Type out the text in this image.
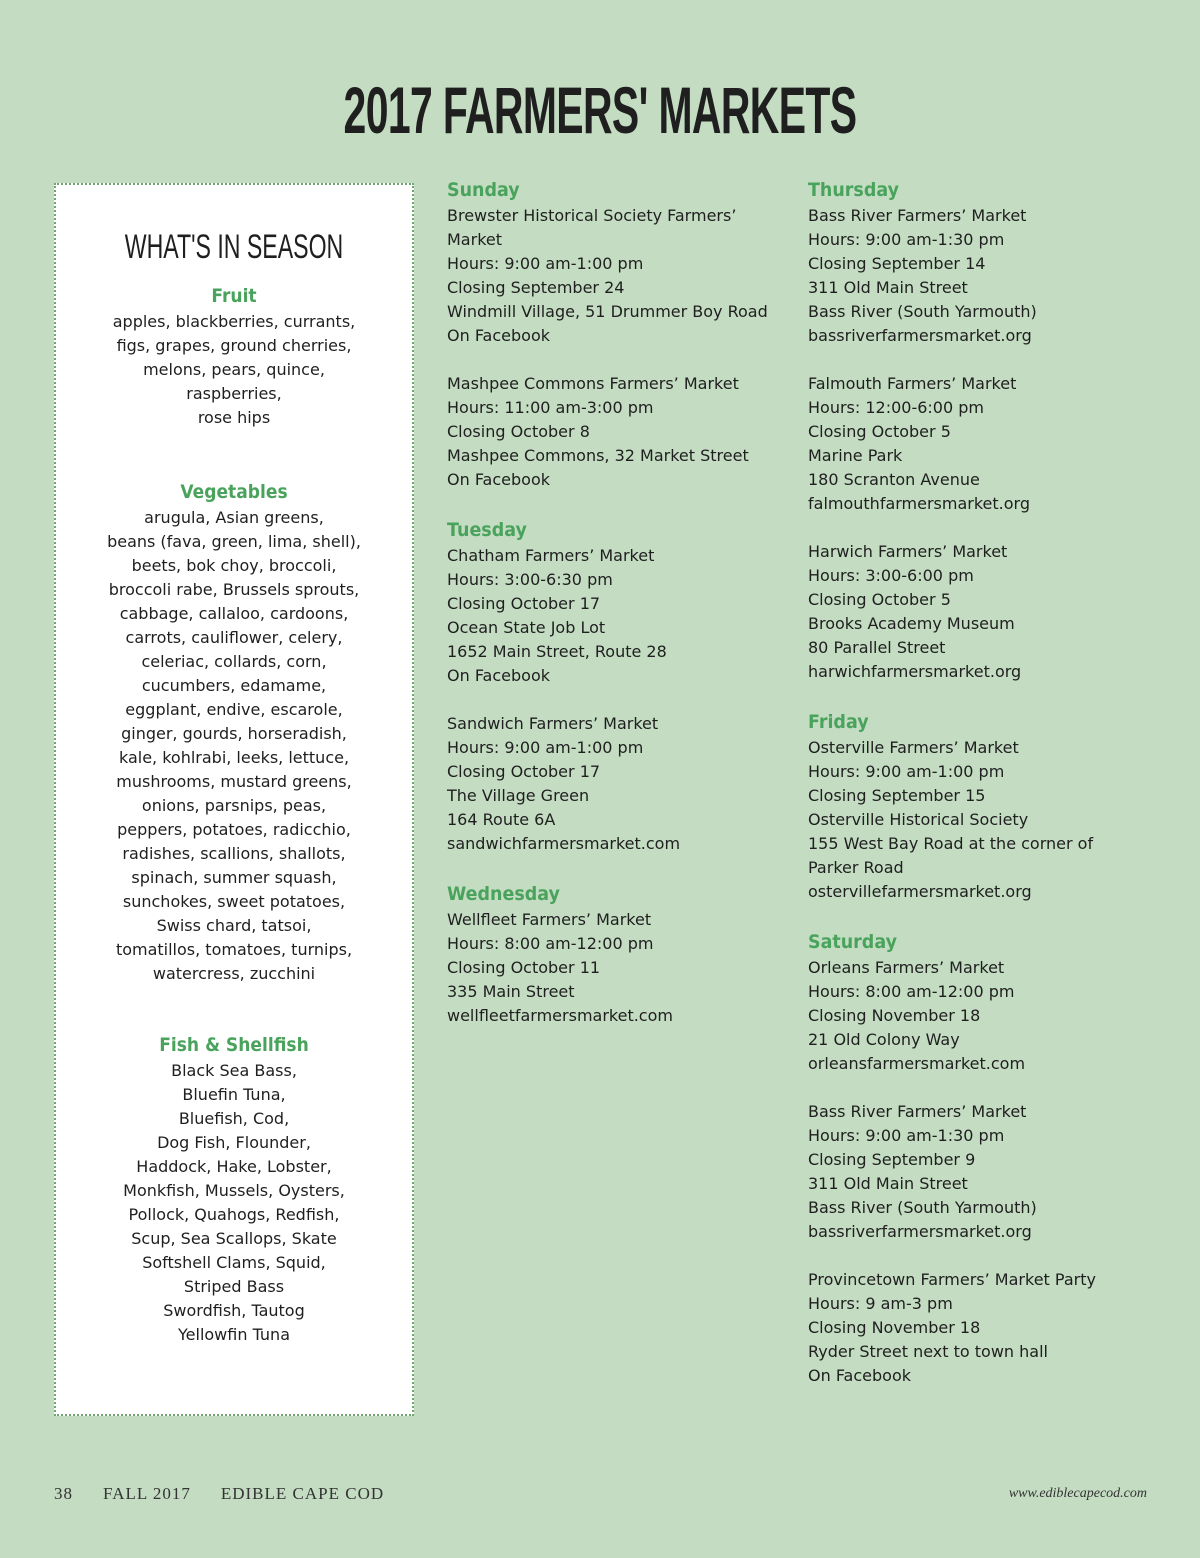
2017 FARMERS' MARKETS
WHAT'S IN SEASON
Fruit
apples, blackberries, currants,
figs, grapes, ground cherries,
melons, pears, quince,
raspberries,
rose hips
Vegetables
arugula, Asian greens,
beans (fava, green, lima, shell),
beets, bok choy, broccoli,
broccoli rabe, Brussels sprouts,
cabbage, callaloo, cardoons,
carrots, cauliflower, celery,
celeriac, collards, corn,
cucumbers, edamame,
eggplant, endive, escarole,
ginger, gourds, horseradish,
kale, kohlrabi, leeks, lettuce,
mushrooms, mustard greens,
onions, parsnips, peas,
peppers, potatoes, radicchio,
radishes, scallions, shallots,
spinach, summer squash,
sunchokes, sweet potatoes,
Swiss chard, tatsoi,
tomatillos, tomatoes, turnips,
watercress, zucchini
Fish & Shellfish
Black Sea Bass,
Bluefin Tuna,
Bluefish, Cod,
Dog Fish, Flounder,
Haddock, Hake, Lobster,
Monkfish, Mussels, Oysters,
Pollock, Quahogs, Redfish,
Scup, Sea Scallops, Skate
Softshell Clams, Squid,
Striped Bass
Swordfish, Tautog
Yellowfin Tuna
Sunday
Brewster Historical Society Farmers’
Market
Hours: 9:00 am-1:00 pm
Closing September 24
Windmill Village, 51 Drummer Boy Road
On Facebook
Mashpee Commons Farmers’ Market
Hours: 11:00 am-3:00 pm
Closing October 8
Mashpee Commons, 32 Market Street
On Facebook
Tuesday
Chatham Farmers’ Market
Hours: 3:00-6:30 pm
Closing October 17
Ocean State Job Lot
1652 Main Street, Route 28
On Facebook
Sandwich Farmers’ Market
Hours: 9:00 am-1:00 pm
Closing October 17
The Village Green
164 Route 6A
sandwichfarmersmarket.com
Wednesday
Wellfleet Farmers’ Market
Hours: 8:00 am-12:00 pm
Closing October 11
335 Main Street
wellfleetfarmersmarket.com
Thursday
Bass River Farmers’ Market
Hours: 9:00 am-1:30 pm
Closing September 14
311 Old Main Street
Bass River (South Yarmouth)
bassriverfarmersmarket.org
Falmouth Farmers’ Market
Hours: 12:00-6:00 pm
Closing October 5
Marine Park
180 Scranton Avenue
falmouthfarmersmarket.org
Harwich Farmers’ Market
Hours: 3:00-6:00 pm
Closing October 5
Brooks Academy Museum
80 Parallel Street
harwichfarmersmarket.org
Friday
Osterville Farmers’ Market
Hours: 9:00 am-1:00 pm
Closing September 15
Osterville Historical Society
155 West Bay Road at the corner of
Parker Road
ostervillefarmersmarket.org
Saturday
Orleans Farmers’ Market
Hours: 8:00 am-12:00 pm
Closing November 18
21 Old Colony Way
orleansfarmersmarket.com
Bass River Farmers’ Market
Hours: 9:00 am-1:30 pm
Closing September 9
311 Old Main Street
Bass River (South Yarmouth)
bassriverfarmersmarket.org
Provincetown Farmers’ Market Party
Hours: 9 am-3 pm
Closing November 18
Ryder Street next to town hall
On Facebook
38 FALL 2017 EDIBLE CAPE COD	www.ediblecapecod.com
